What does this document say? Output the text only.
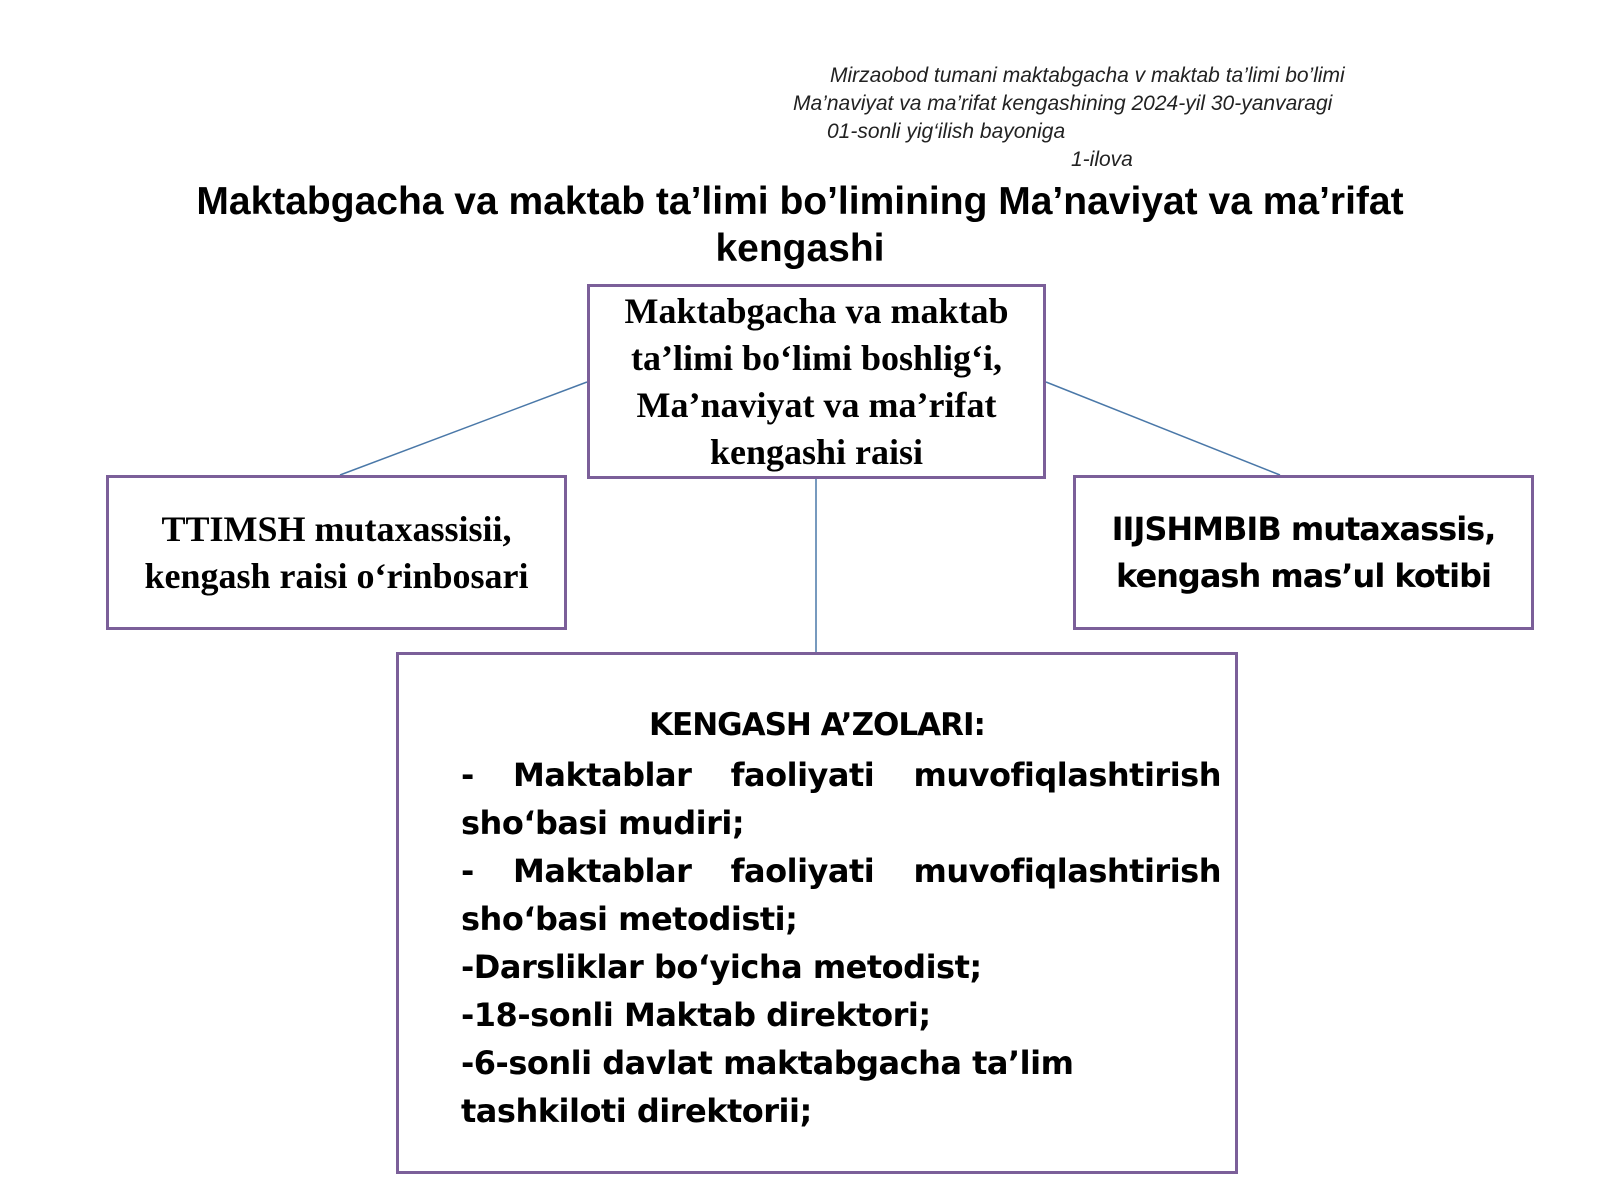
Mirzaobod tumani maktabgacha v maktab ta’limi bo’limi
Ma’naviyat va ma’rifat kengashining 2024-yil 30-yanvaragi
01-sonli yig‘ilish bayoniga
1-ilova
Maktabgacha va maktab ta’limi bo’limining Ma’naviyat va ma’rifat kengashi
Maktabgacha va maktab ta’limi bo‘limi boshlig‘i, Ma’naviyat va ma’rifat kengashi raisi
TTIMSH mutaxassisii, kengash raisi o‘rinbosari
IIJSHMBIB mutaxassis, kengash mas’ul kotibi
KENGASH A’ZOLARI:

- Maktablar faoliyati muvofiqlashtirish sho‘basi mudiri;

- Maktablar faoliyati muvofiqlashtirish sho‘basi metodisti;

-Darsliklar bo‘yicha metodist;

-18-sonli Maktab direktori;

-6-sonli davlat maktabgacha ta’lim tashkiloti direktorii;
